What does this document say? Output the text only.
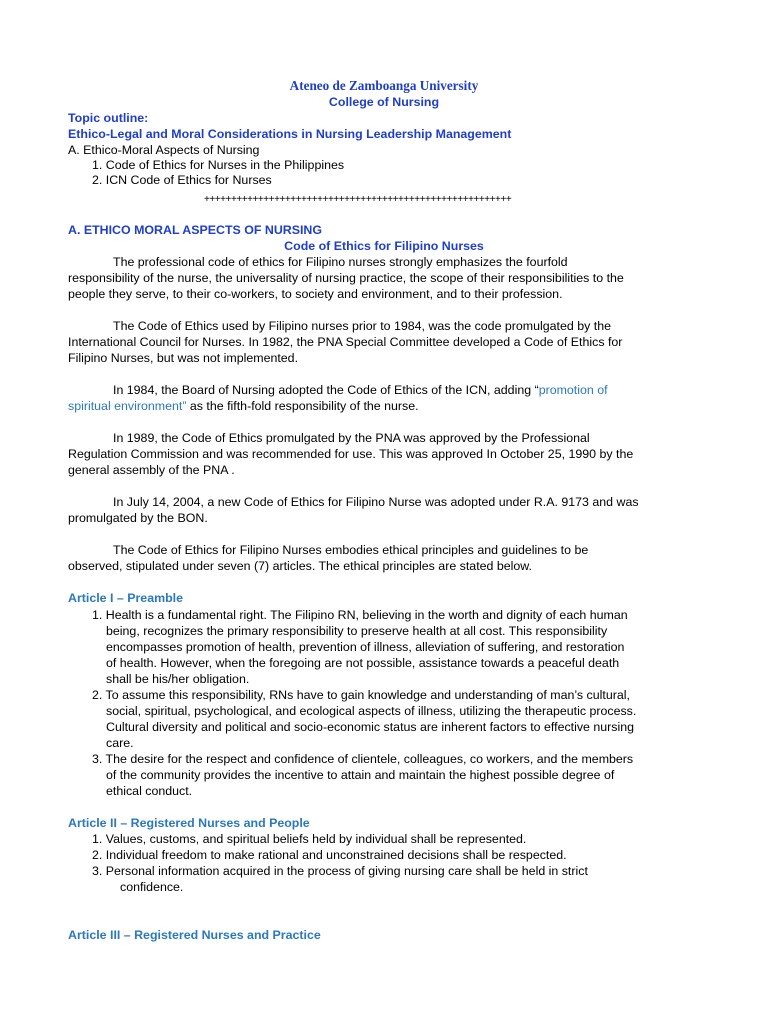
Ateneo de Zamboanga University
College of Nursing
Topic outline:
Ethico-Legal and Moral Considerations in Nursing Leadership Management
A. Ethico-Moral Aspects of Nursing
1. Code of Ethics for Nurses in the Philippines
2. ICN Code of Ethics for Nurses
+++++++++++++++++++++++++++++++++++++++++++++++++++++++++
A. ETHICO MORAL ASPECTS OF NURSING
Code of Ethics for Filipino Nurses
The professional code of ethics for Filipino nurses strongly emphasizes the fourfold
responsibility of the nurse, the universality of nursing practice, the scope of their responsibilities to the
people they serve, to their co-workers, to society and environment, and to their profession.
The Code of Ethics used by Filipino nurses prior to 1984, was the code promulgated by the
International Council for Nurses. In 1982, the PNA Special Committee developed a Code of Ethics for
Filipino Nurses, but was not implemented.
In 1984, the Board of Nursing adopted the Code of Ethics of the ICN, adding “promotion of
spiritual environment” as the fifth-fold responsibility of the nurse.
In 1989, the Code of Ethics promulgated by the PNA was approved by the Professional
Regulation Commission and was recommended for use. This was approved In October 25, 1990 by the
general assembly of the PNA .
In July 14, 2004, a new Code of Ethics for Filipino Nurse was adopted under R.A. 9173 and was
promulgated by the BON.
The Code of Ethics for Filipino Nurses embodies ethical principles and guidelines to be
observed, stipulated under seven (7) articles. The ethical principles are stated below.
Article I – Preamble
1. Health is a fundamental right. The Filipino RN, believing in the worth and dignity of each human
being, recognizes the primary responsibility to preserve health at all cost. This responsibility
encompasses promotion of health, prevention of illness, alleviation of suffering, and restoration
of health. However, when the foregoing are not possible, assistance towards a peaceful death
shall be his/her obligation.
2. To assume this responsibility, RNs have to gain knowledge and understanding of man’s cultural,
social, spiritual, psychological, and ecological aspects of illness, utilizing the therapeutic process.
Cultural diversity and political and socio-economic status are inherent factors to effective nursing
care.
3. The desire for the respect and confidence of clientele, colleagues, co workers, and the members
of the community provides the incentive to attain and maintain the highest possible degree of
ethical conduct.
Article II – Registered Nurses and People
1. Values, customs, and spiritual beliefs held by individual shall be represented.
2. Individual freedom to make rational and unconstrained decisions shall be respected.
3. Personal information acquired in the process of giving nursing care shall be held in strict
confidence.
Article III – Registered Nurses and Practice
